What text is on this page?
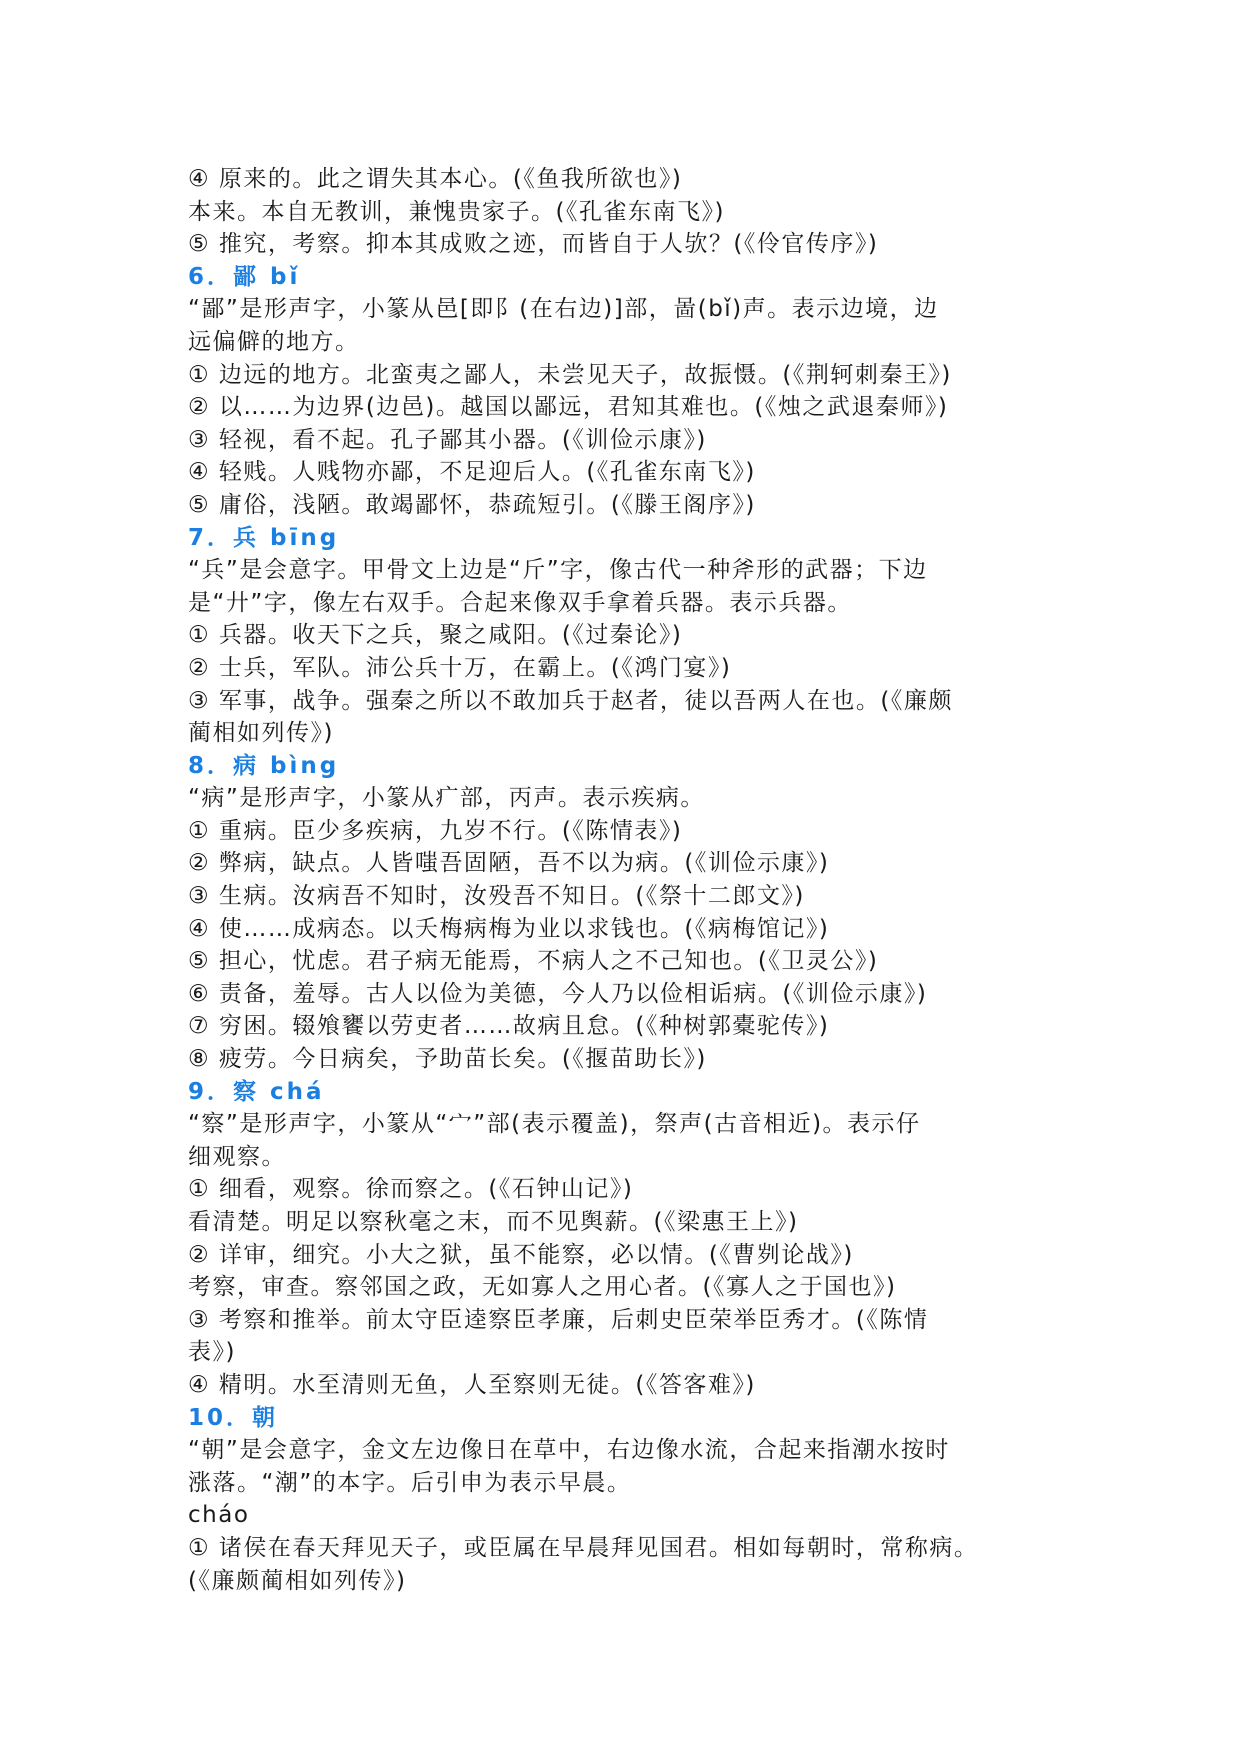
④ 原来的。此之谓失其本心。(《鱼我所欲也》)
本来。本自无教训，兼愧贵家子。(《孔雀东南飞》)
⑤ 推究，考察。抑本其成败之迹，而皆自于人欤？(《伶官传序》)
6．鄙 bǐ
“鄙”是形声字，小篆从邑[即阝(在右边)]部，啚(bǐ)声。表示边境，边
远偏僻的地方。
① 边远的地方。北蛮夷之鄙人，未尝见天子，故振慑。(《荆轲刺秦王》)
② 以……为边界(边邑)。越国以鄙远，君知其难也。(《烛之武退秦师》)
③ 轻视，看不起。孔子鄙其小器。(《训俭示康》)
④ 轻贱。人贱物亦鄙，不足迎后人。(《孔雀东南飞》)
⑤ 庸俗，浅陋。敢竭鄙怀，恭疏短引。(《滕王阁序》)
7．兵 bīng
“兵”是会意字。甲骨文上边是“斤”字，像古代一种斧形的武器；下边
是“廾”字，像左右双手。合起来像双手拿着兵器。表示兵器。
① 兵器。收天下之兵，聚之咸阳。(《过秦论》)
② 士兵，军队。沛公兵十万，在霸上。(《鸿门宴》)
③ 军事，战争。强秦之所以不敢加兵于赵者，徒以吾两人在也。(《廉颇
蔺相如列传》)
8．病 bìng
“病”是形声字，小篆从疒部，丙声。表示疾病。
① 重病。臣少多疾病，九岁不行。(《陈情表》)
② 弊病，缺点。人皆嗤吾固陋，吾不以为病。(《训俭示康》)
③ 生病。汝病吾不知时，汝殁吾不知日。(《祭十二郎文》)
④ 使……成病态。以夭梅病梅为业以求钱也。(《病梅馆记》)
⑤ 担心，忧虑。君子病无能焉，不病人之不己知也。(《卫灵公》)
⑥ 责备，羞辱。古人以俭为美德，今人乃以俭相诟病。(《训俭示康》)
⑦ 穷困。辍飧饔以劳吏者……故病且怠。(《种树郭橐驼传》)
⑧ 疲劳。今日病矣，予助苗长矣。(《揠苗助长》)
9．察 chá
“察”是形声字，小篆从“宀”部(表示覆盖)，祭声(古音相近)。表示仔
细观察。
① 细看，观察。徐而察之。(《石钟山记》)
看清楚。明足以察秋毫之末，而不见舆薪。(《梁惠王上》)
② 详审，细究。小大之狱，虽不能察，必以情。(《曹刿论战》)
考察，审查。察邻国之政，无如寡人之用心者。(《寡人之于国也》)
③ 考察和推举。前太守臣逵察臣孝廉，后刺史臣荣举臣秀才。(《陈情
表》)
④ 精明。水至清则无鱼，人至察则无徒。(《答客难》)
10．朝
“朝”是会意字，金文左边像日在草中，右边像水流，合起来指潮水按时
涨落。“潮”的本字。后引申为表示早晨。
cháo
① 诸侯在春天拜见天子，或臣属在早晨拜见国君。相如每朝时，常称病。
(《廉颇蔺相如列传》)
